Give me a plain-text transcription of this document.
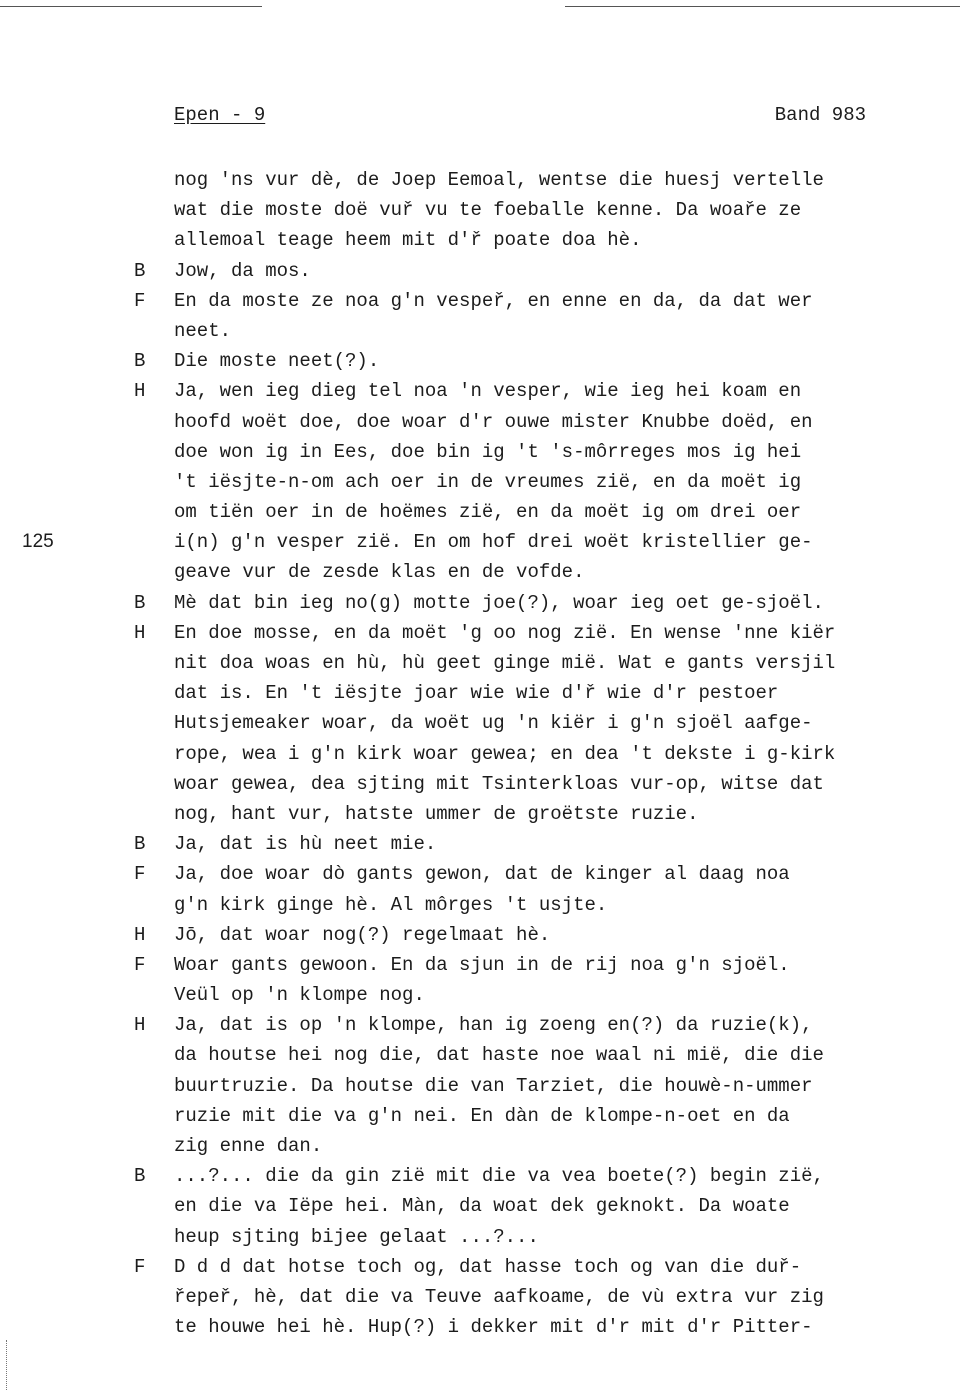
Epen - 9	Band 983
nog 'ns vur dè, de Joep Eemoal, wentse die huesj vertelle
wat die moste doë vuř vu te foeballe kenne. Da woaře ze
allemoal teage heem mit d'ř poate doa hè.
B	Jow, da mos.
F	En da moste ze noa g'n vespeř, en enne en da, da dat wer
neet.
B	Die moste neet(?).
H	Ja, wen ieg dieg tel noa 'n vesper, wie ieg hei koam en
hoofd woët doe, doe woar d'r ouwe mister Knubbe doëd, en
doe won ig in Ees, doe bin ig 't 's-môrreges mos ig hei
't iësjte-n-om ach oer in de vreumes zië, en da moët ig
om tiën oer in de hoëmes zië, en da moët ig om drei oer
125	i(n) g'n vesper zië. En om hof drei woët kristellier ge-
geave vur de zesde klas en de vofde.
B	Mè dat bin ieg no(g) motte joe(?), woar ieg oet ge-sjoël.
H	En doe mosse, en da moët 'g oo nog zië. En wense 'nne kiër
nit doa woas en hù, hù geet ginge mië. Wat e gants versjil
dat is. En 't iësjte joar wie wie d'ř wie d'r pestoer
Hutsjemeaker woar, da woët ug 'n kiër i g'n sjoël aafge-
rope, wea i g'n kirk woar gewea; en dea 't dekste i g-kirk
woar gewea, dea sjting mit Tsinterkloas vur-op, witse dat
nog, hant vur, hatste ummer de groëtste ruzie.
B	Ja, dat is hù neet mie.
F	Ja, doe woar dò gants gewon, dat de kinger al daag noa
g'n kirk ginge hè. Al môrges 't usjte.
H	Jō, dat woar nog(?) regelmaat hè.
F	Woar gants gewoon. En da sjun in de rij noa g'n sjoël.
Veül op 'n klompe nog.
H	Ja, dat is op 'n klompe, han ig zoeng en(?) da ruzie(k),
da houtse hei nog die, dat haste noe waal ni mië, die die
buurtruzie. Da houtse die van Tarziet, die houwè-n-ummer
ruzie mit die va g'n nei. En dàn de klompe-n-oet en da
zig enne dan.
B	...?... die da gin zië mit die va vea boete(?) begin zië,
en die va Iëpe hei. Màn, da woat dek geknokt. Da woate
heup sjting bijee gelaat ...?...
F	D d d dat hotse toch og, dat hasse toch og van die duř-
řepeř, hè, dat die va Teuve aafkoame, de vù extra vur zig
te houwe hei hè. Hup(?) i dekker mit d'r mit d'r Pitter-
